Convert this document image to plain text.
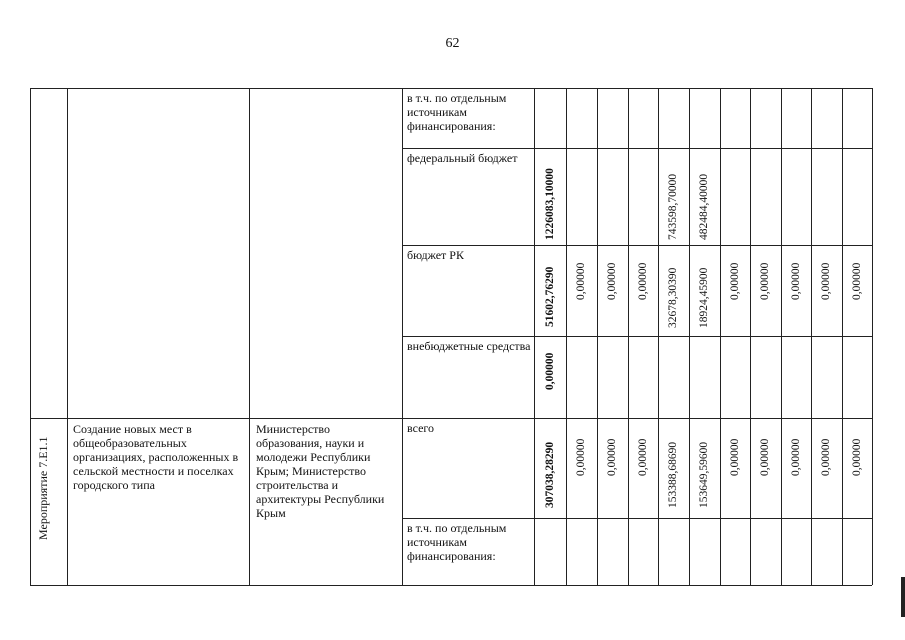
62
в т.ч. по отдельным источникам финансирования:
федеральный бюджет
бюджет РК
внебюджетные средства
1226083,10000	743598,70000 482484,40000
51602,76290 0,00000 0,00000 0,00000 32678,30390 18924,45900 0,00000 0,00000 0,00000 0,00000 0,00000
0,00000
Мероприятие 7.E1.1
Создание новых мест в общеобразовательных организациях, расположенных в сельской местности и поселках городского типа
Министерство образования, науки и молодежи Республики Крым; Министерство строительства и архитектуры Республики Крым
всего
в т.ч. по отдельным источникам финансирования:
307038,28290 0,00000 0,00000 0,00000 153388,68690 153649,59600 0,00000 0,00000 0,00000 0,00000 0,00000
